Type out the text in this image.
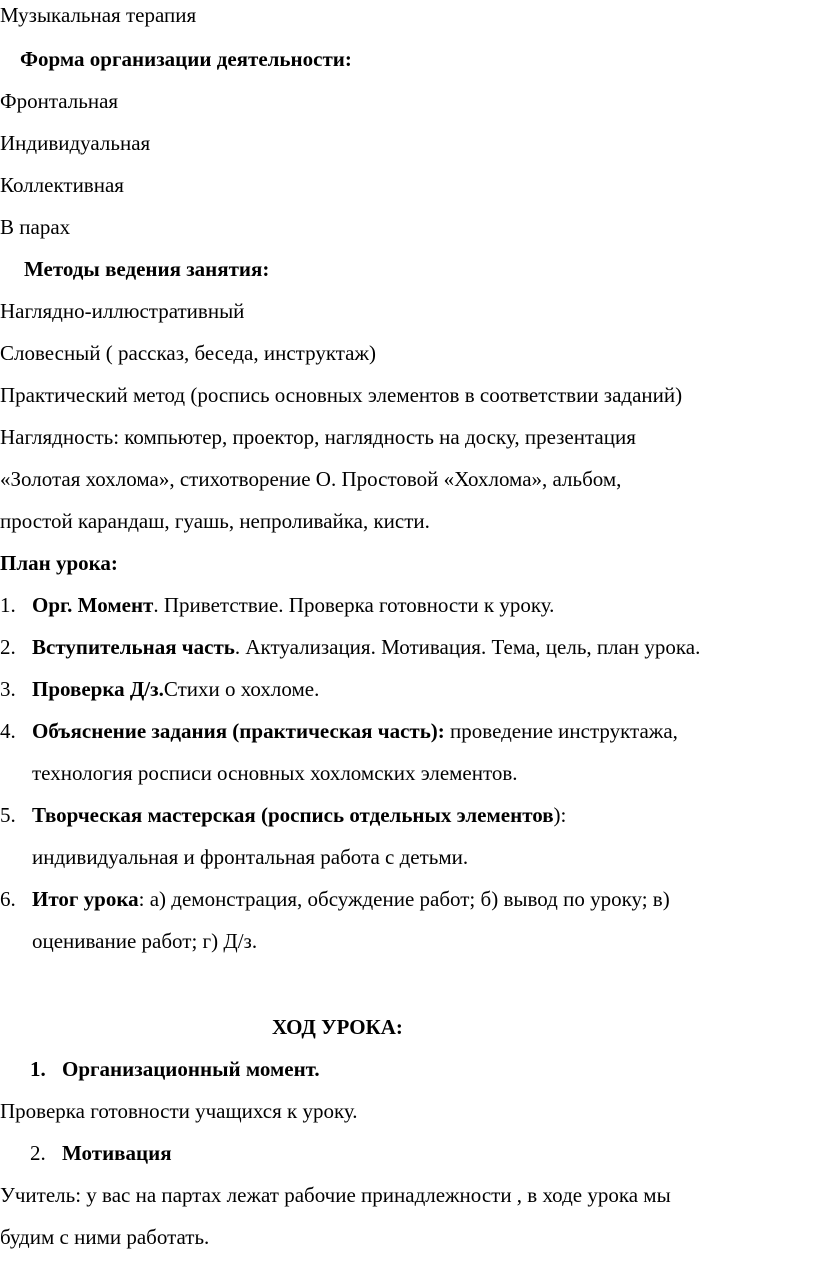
Музыкальная терапия
Форма организации деятельности:
Фронтальная
Индивидуальная
Коллективная
В парах
Методы ведения занятия:
Наглядно-иллюстративный
Словесный ( рассказ, беседа, инструктаж)
Практический метод (роспись основных элементов в соответствии заданий)
Наглядность: компьютер, проектор, наглядность на доску, презентация
«Золотая хохлома», стихотворение О. Простовой «Хохлома», альбом,
простой карандаш, гуашь, непроливайка, кисти.
План урока:
1. Орг. Момент. Приветствие. Проверка готовности к уроку.
2. Вступительная часть. Актуализация. Мотивация. Тема, цель, план урока.
3. Проверка Д/з.Стихи о хохломе.
4. Объяснение задания (практическая часть): проведение инструктажа,
технология росписи основных хохломских элементов.
5. Творческая мастерская (роспись отдельных элементов):
индивидуальная и фронтальная работа с детьми.
6. Итог урока: а) демонстрация, обсуждение работ; б) вывод по уроку; в)
оценивание работ; г) Д/з.
ХОД УРОКА:
1. Организационный момент.
Проверка готовности учащихся к уроку.
2. Мотивация
Учитель: у вас на партах лежат рабочие принадлежности , в ходе урока мы
будим с ними работать.
